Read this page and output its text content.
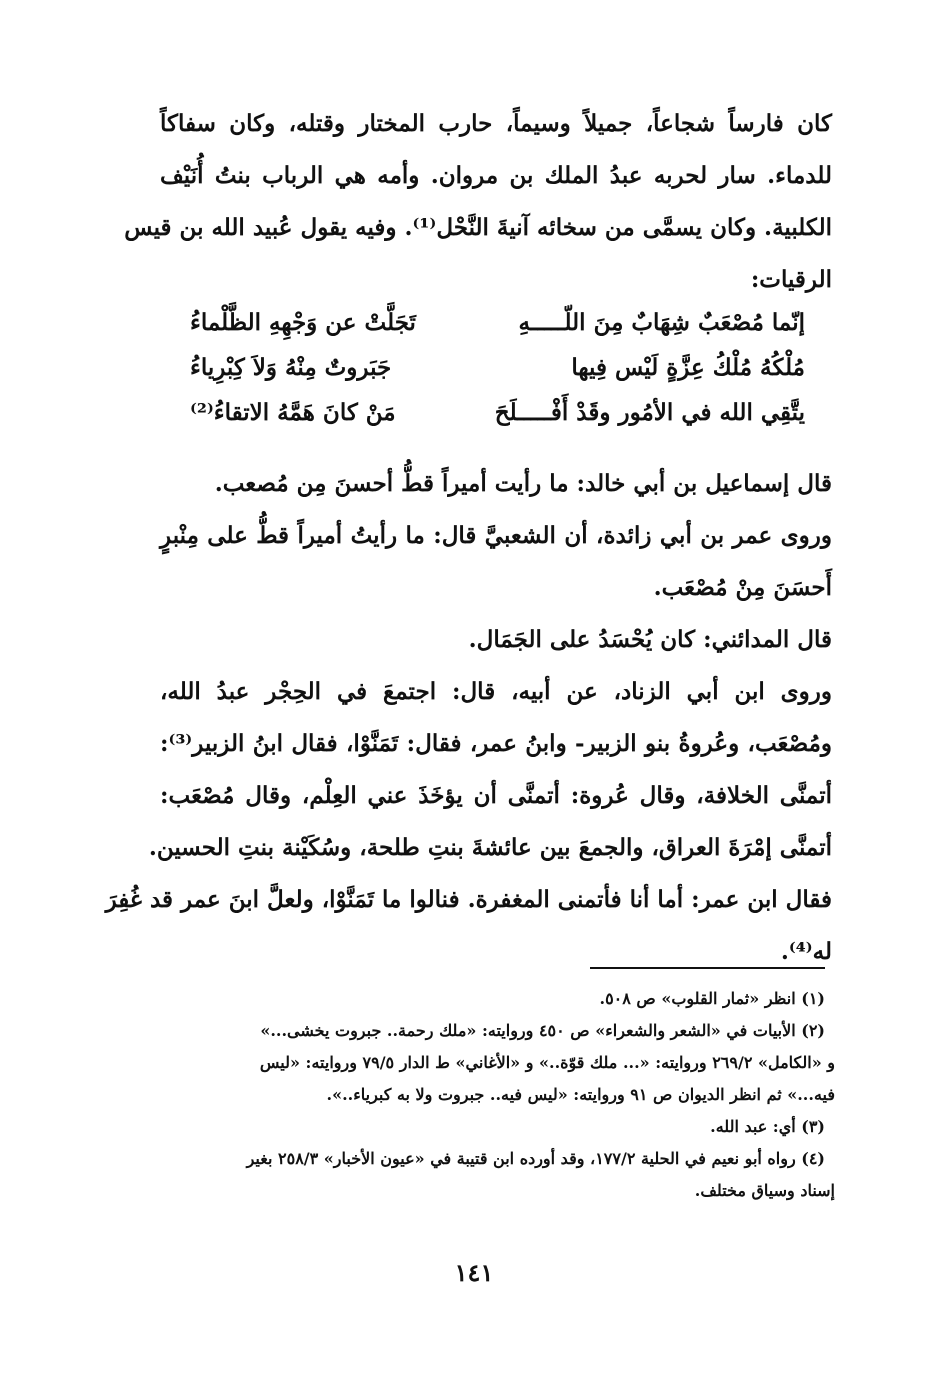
كان فارساً شجاعاً، جميلاً وسيماً، حارب المختار وقتله، وكان سفاكاً
للدماء. سار لحربه عبدُ الملك بن مروان. وأمه هي الرباب بنتُ أُنَيْف
الكلبية. وكان يسمَّى من سخائه آنيةَ النَّحْل⁽¹⁾. وفيه يقول عُبيد الله بن قيس
الرقيات:
إنّما مُصْعَبٌ شِهَابٌ مِنَ اللّـــــهِ
تَجَلَّتْ عن وَجْهِهِ الظَّلْماءُ
مُلْكُهُ مُلْكُ عِزَّةٍ لَيْس فِيها
جَبَروتٌ مِنْهُ وَلاَ كِبْرِياءُ
يتَّقِي الله في الأمُور وقَدْ أَفْـــــلَحَ
مَنْ كانَ هَمَّهُ الاتقاءُ⁽²⁾
قال إسماعيل بن أبي خالد: ما رأيت أميراً قطُّ أحسنَ مِن مُصعب.
وروى عمر بن أبي زائدة، أن الشعبيَّ قال: ما رأيتُ أميراً قطُّ على مِنْبرٍ
أَحسَنَ مِنْ مُصْعَب.
قال المدائني: كان يُحْسَدُ على الجَمَال.
وروى ابن أبي الزناد، عن أبيه، قال: اجتمعَ في الحِجْر عبدُ الله،
ومُصْعَب، وعُروةُ بنو الزبير- وابنُ عمر، فقال: تَمَنَّوْا، فقال ابنُ الزبير⁽³⁾:
أتمنَّى الخلافة، وقال عُروة: أتمنَّى أن يؤخَذَ عني العِلْم، وقال مُصْعَب:
أتمنَّى إمْرَةَ العراق، والجمعَ بين عائشةَ بنتِ طلحة، وسُكَيْنة بنتِ الحسين.
فقال ابن عمر: أما أنا فأتمنى المغفرة. فنالوا ما تَمَنَّوْا، ولعلَّ ابنَ عمر قد غُفِرَ
له⁽⁴⁾.
(١) انظر «ثمار القلوب» ص ٥٠٨.
(٢) الأبيات في «الشعر والشعراء» ص ٤٥٠ وروايته: «ملك رحمة.. جبروت يخشى...»
و «الكامل» ٢٦٩/٢ وروايته: «... ملك قوّة..» و «الأغاني» ط الدار ٧٩/٥ وروايته: «ليس
فيه...» ثم انظر الديوان ص ٩١ وروايته: «ليس فيه.. جبروت ولا به كبرياء..».
(٣) أي: عبد الله.
(٤) رواه أبو نعيم في الحلية ١٧٧/٢، وقد أورده ابن قتيبة في «عيون الأخبار» ٢٥٨/٣ بغير
إسناد وسياق مختلف.
١٤١
